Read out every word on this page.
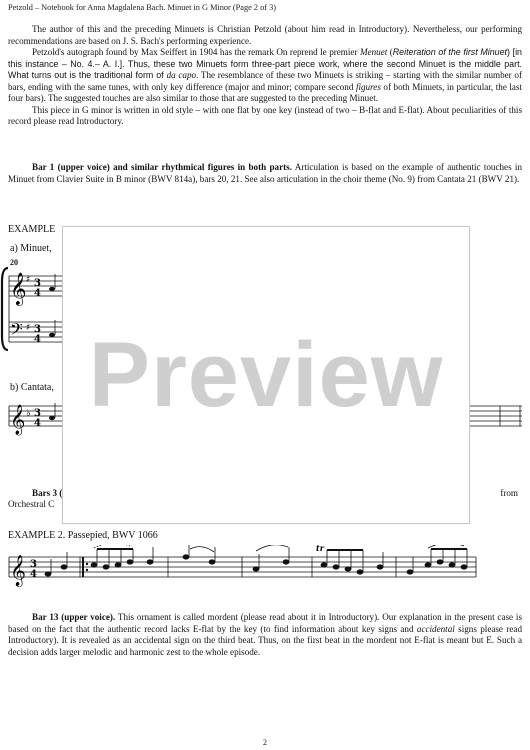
Petzold – Notebook for Anna Magdalena Bach. Minuet in G Minor (Page 2 of 3)

The author of this and the preceding Minuets is Christian Petzold (about him read in Introductory). Nevertheless, our performing recommendations are based on J. S. Bach's performing experience.

Petzold's autograph found by Max Seiffert in 1904 has the remark On reprend le premier Menuet (Reiteration of the first Minuet) [in this instance – No. 4.– A. I.]. Thus, these two Minuets form three-part piece work, where the second Minuet is the middle part. What turns out is the traditional form of da capo. The resemblance of these two Minuets is striking – starting with the similar number of bars, ending with the same tunes, with only key difference (major and minor; compare second figures of both Minuets, in particular, the last four bars). The suggested touches are also similar to those that are suggested to the preceding Minuet.

This piece in G minor is written in old style – with one flat by one key (instead of two – B-flat and E-flat). About peculiarities of this record please read Introductory.

Bar 1 (upper voice) and similar rhythmical figures in both parts. Articulation is based on the example of authentic touches in Minuet from Clavier Suite in B minor (BWV 814a), bars 20, 21. See also articulation in the choir theme (No. 9) from Cantata 21 (BWV 21).

EXAMPLE
a) Minuet,
20
𝄞 ♯ 3
4
𝄢 ♯ 3
4
b) Cantata,
𝄞 ♭ 3
4
Bars 3 (	from
Orchestral C
Preview
EXAMPLE 2. Passepied, BWV 1066
𝄞 3
4
tr

Bar 13 (upper voice). This ornament is called mordent (please read about it in Introductory). Our explanation in the present case is based on the fact that the authentic record lacks E-flat by the key (to find information about key signs and accidental signs please read Introductory). It is revealed as an accidental sign on the third beat. Thus, on the first beat in the mordent not E-flat is meant but E. Such a decision adds larger melodic and harmonic zest to the whole episode.

2
